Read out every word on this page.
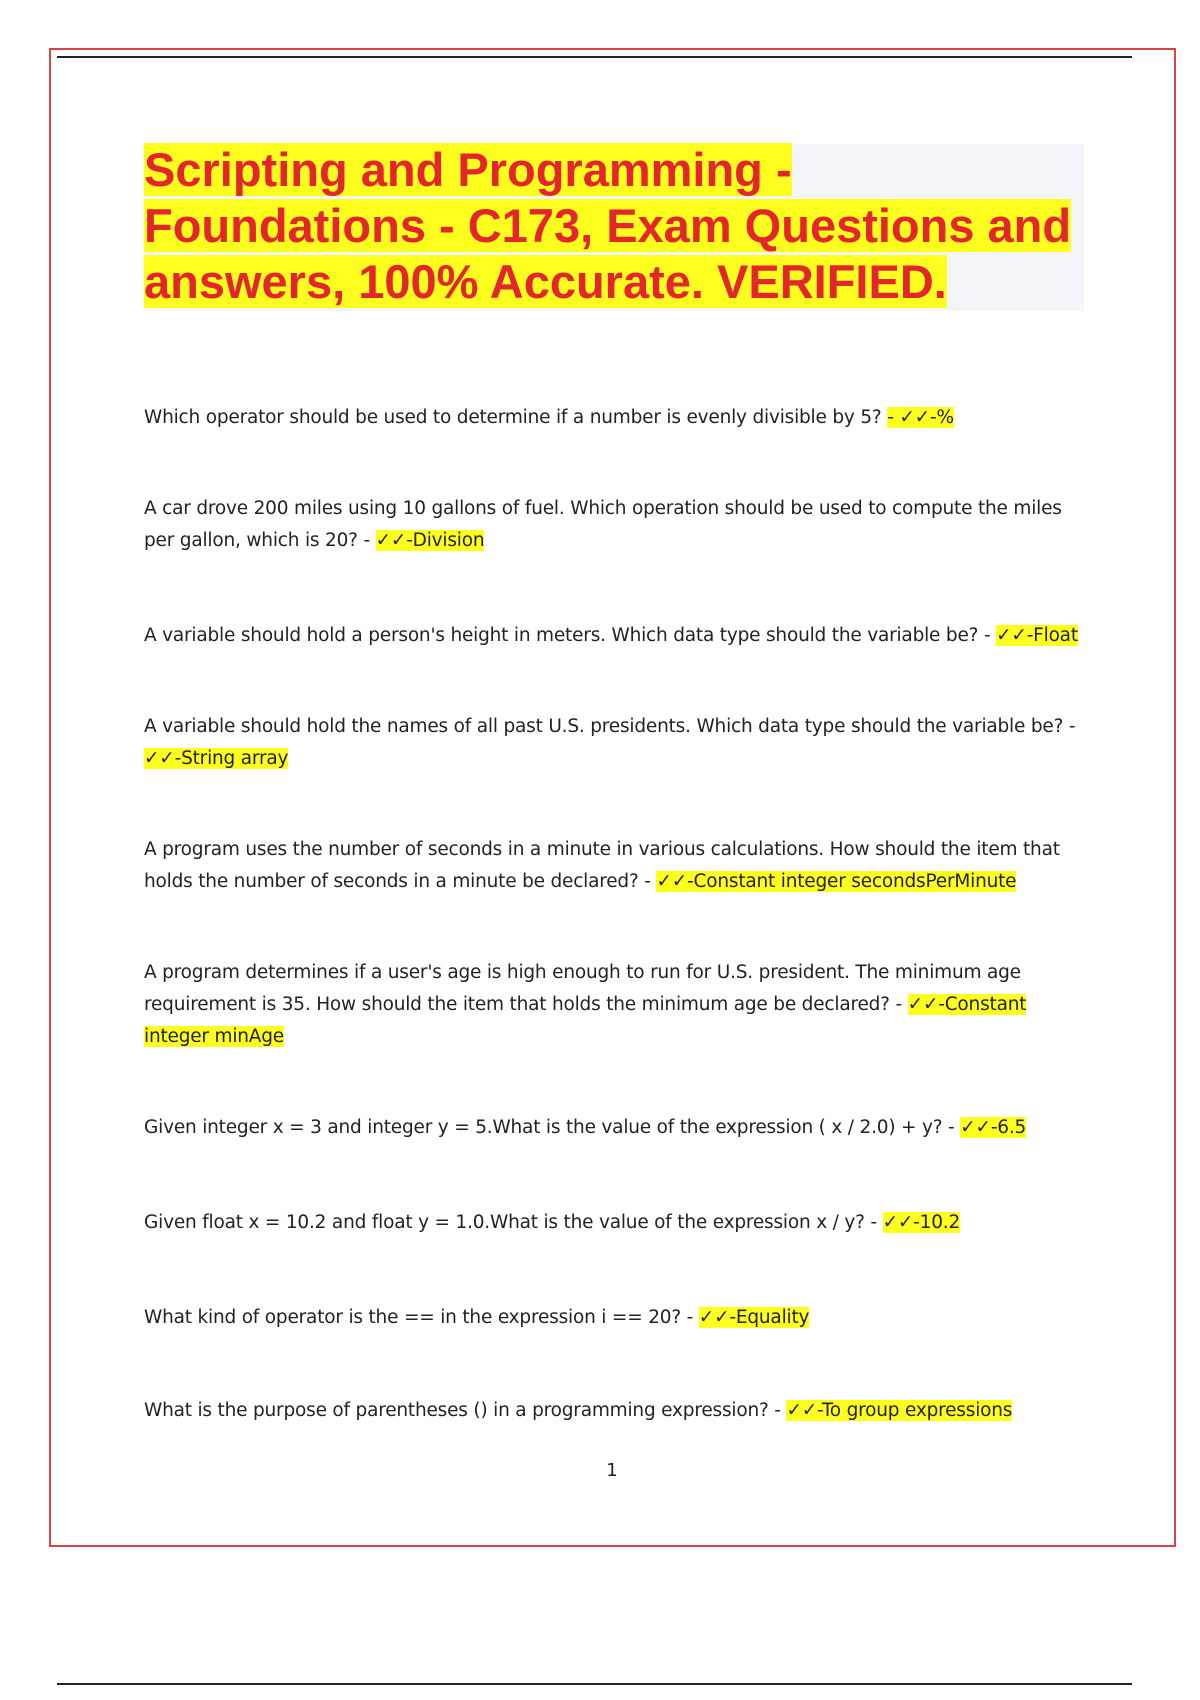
Scripting and Programming - Foundations - C173, Exam Questions and answers, 100% Accurate. VERIFIED.

Which operator should be used to determine if a number is evenly divisible by 5? - ✓✓-%

A car drove 200 miles using 10 gallons of fuel. Which operation should be used to compute the miles per gallon, which is 20? - ✓✓-Division

A variable should hold a person's height in meters. Which data type should the variable be? - ✓✓-Float

A variable should hold the names of all past U.S. presidents. Which data type should the variable be? - ✓✓-String array

A program uses the number of seconds in a minute in various calculations. How should the item that holds the number of seconds in a minute be declared? - ✓✓-Constant integer secondsPerMinute

A program determines if a user's age is high enough to run for U.S. president. The minimum age requirement is 35. How should the item that holds the minimum age be declared? - ✓✓-Constant integer minAge

Given integer x = 3 and integer y = 5.What is the value of the expression ( x / 2.0) + y? - ✓✓-6.5

Given float x = 10.2 and float y = 1.0.What is the value of the expression x / y? - ✓✓-10.2

What kind of operator is the == in the expression i == 20? - ✓✓-Equality

What is the purpose of parentheses () in a programming expression? - ✓✓-To group expressions

1
